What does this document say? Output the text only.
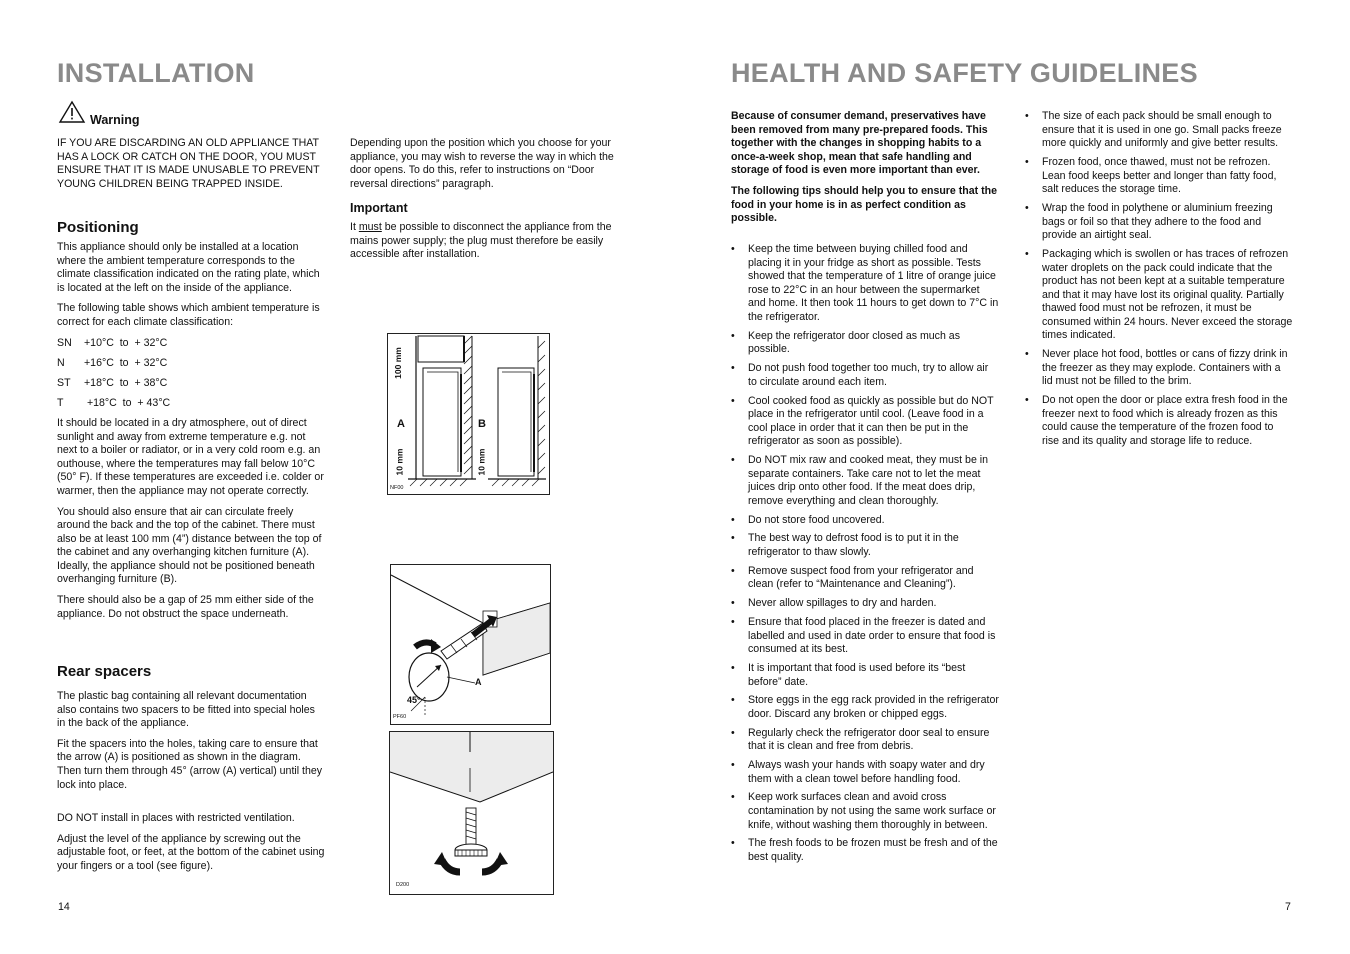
INSTALLATION
Warning

IF YOU ARE DISCARDING AN OLD APPLIANCE THAT HAS A LOCK OR CATCH ON THE DOOR, YOU MUST ENSURE THAT IT IS MADE UNUSABLE TO PREVENT YOUNG CHILDREN BEING TRAPPED INSIDE.

Positioning

This appliance should only be installed at a location where the ambient temperature corresponds to the climate classification indicated on the rating plate, which is located at the left on the inside of the appliance.

The following table shows which ambient temperature is correct for each climate classification:

SN +10°C  to  + 32°C
N +16°C  to  + 32°C
ST +18°C  to  + 38°C
T +18°C  to  + 43°C

It should be located in a dry atmosphere, out of direct sunlight and away from extreme temperature e.g. not next to a boiler or radiator, or in a very cold room e.g. an outhouse, where the temperatures may fall below 10°C (50° F). If these temperatures are exceeded i.e. colder or warmer, then the appliance may not operate correctly.

You should also ensure that air can circulate freely around the back and the top of the cabinet. There must also be at least 100 mm (4”) distance between the top of the cabinet and any overhanging kitchen furniture (A). Ideally, the appliance should not be positioned beneath overhanging furniture (B).

There should also be a gap of 25 mm either side of the appliance. Do not obstruct the space underneath.

Rear spacers

The plastic bag containing all relevant documentation also contains two spacers to be fitted into special holes in the back of the appliance.

Fit the spacers into the holes, taking care to ensure that the arrow (A) is positioned as shown in the diagram. Then turn them through 45° (arrow (A) vertical) until they lock into place.

DO NOT install in places with restricted ventilation.

Adjust the level of the appliance by screwing out the adjustable foot, or feet, at the bottom of the cabinet using your fingers or a tool (see figure).

Depending upon the position which you choose for your appliance, you may wish to reverse the way in which the door opens. To do this, refer to instructions on “Door reversal directions” paragraph.

Important

It must be possible to disconnect the appliance from the mains power supply; the plug must therefore be easily accessible after installation.

100 mm
A	B
10 mm	10 mm
NF00
45°
A
PF60
D200
14
HEALTH AND SAFETY GUIDELINES

Because of consumer demand, preservatives have been removed from many pre-prepared foods. This together with the changes in shopping habits to a once-a-week shop, mean that safe handling and storage of food is even more important than ever.

The following tips should help you to ensure that the food in your home is in as perfect condition as possible.

• Keep the time between buying chilled food and placing it in your fridge as short as possible. Tests showed that the temperature of 1 litre of orange juice rose to 22°C in an hour between the supermarket and home. It then took 11 hours to get down to 7°C in the refrigerator.
• Keep the refrigerator door closed as much as possible.
• Do not push food together too much, try to allow air to circulate around each item.
• Cool cooked food as quickly as possible but do NOT place in the refrigerator until cool. (Leave food in a cool place in order that it can then be put in the refrigerator as soon as possible).
• Do NOT mix raw and cooked meat, they must be in separate containers. Take care not to let the meat juices drip onto other food. If the meat does drip, remove everything and clean thoroughly.
• Do not store food uncovered.
• The best way to defrost food is to put it in the refrigerator to thaw slowly.
• Remove suspect food from your refrigerator and clean (refer to “Maintenance and Cleaning”).
• Never allow spillages to dry and harden.
• Ensure that food placed in the freezer is dated and labelled and used in date order to ensure that food is consumed at its best.
• It is important that food is used before its “best before” date.
• Store eggs in the egg rack provided in the refrigerator door. Discard any broken or chipped eggs.
• Regularly check the refrigerator door seal to ensure that it is clean and free from debris.
• Always wash your hands with soapy water and dry them with a clean towel before handling food.
• Keep work surfaces clean and avoid cross contamination by not using the same work surface or knife, without washing them thoroughly in between.
• The fresh foods to be frozen must be fresh and of the best quality.
• The size of each pack should be small enough to ensure that it is used in one go. Small packs freeze more quickly and uniformly and give better results.
• Frozen food, once thawed, must not be refrozen. Lean food keeps better and longer than fatty food, salt reduces the storage time.
• Wrap the food in polythene or aluminium freezing bags or foil so that they adhere to the food and provide an airtight seal.
• Packaging which is swollen or has traces of refrozen water droplets on the pack could indicate that the product has not been kept at a suitable temperature and that it may have lost its original quality. Partially thawed food must not be refrozen, it must be consumed within 24 hours. Never exceed the storage times indicated.
• Never place hot food, bottles or cans of fizzy drink in the freezer as they may explode. Containers with a lid must not be filled to the brim.
• Do not open the door or place extra fresh food in the freezer next to food which is already frozen as this could cause the temperature of the frozen food to rise and its quality and storage life to reduce.
7
